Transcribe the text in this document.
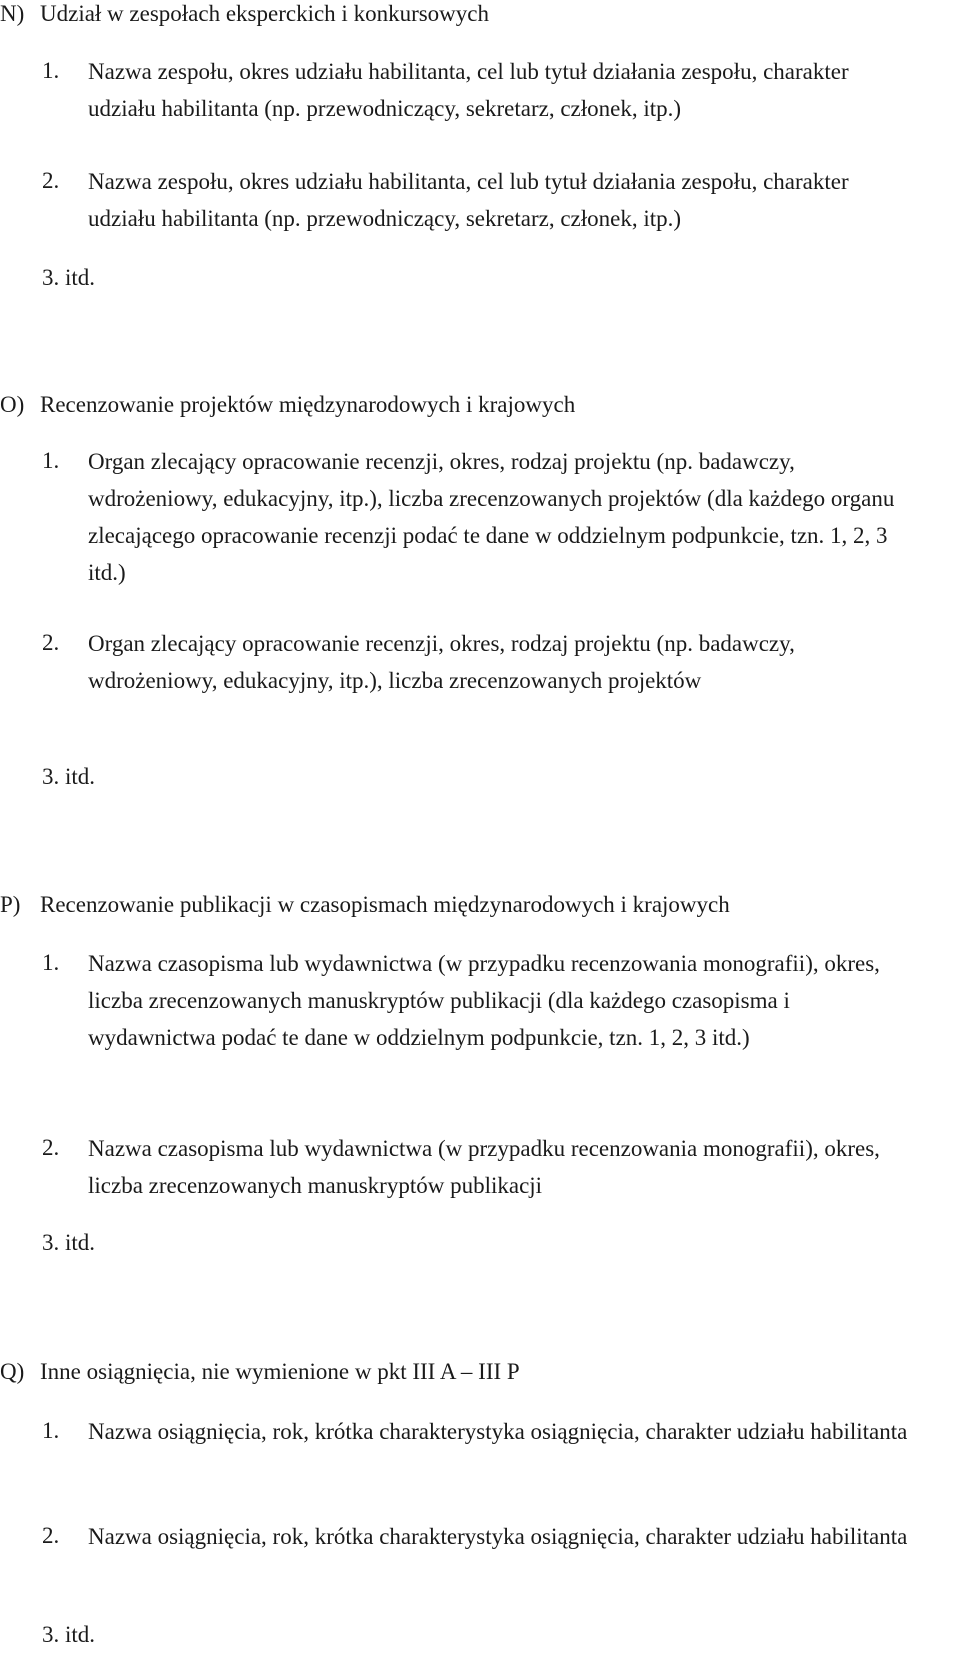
N) Udział w zespołach eksperckich i konkursowych

1. Nazwa zespołu, okres udziału habilitanta, cel lub tytuł działania zespołu, charakter udziału habilitanta (np. przewodniczący, sekretarz, członek, itp.)
2. Nazwa zespołu, okres udziału habilitanta, cel lub tytuł działania zespołu, charakter udziału habilitanta (np. przewodniczący, sekretarz, członek, itp.)

3. itd.

O) Recenzowanie projektów międzynarodowych i krajowych

1. Organ zlecający opracowanie recenzji, okres, rodzaj projektu (np. badawczy, wdrożeniowy, edukacyjny, itp.), liczba zrecenzowanych projektów (dla każdego organu zlecającego opracowanie recenzji podać te dane w oddzielnym podpunkcie, tzn. 1, 2, 3 itd.)
2. Organ zlecający opracowanie recenzji, okres, rodzaj projektu (np. badawczy, wdrożeniowy, edukacyjny, itp.), liczba zrecenzowanych projektów

3. itd.

P) Recenzowanie publikacji w czasopismach międzynarodowych i krajowych

1. Nazwa czasopisma lub wydawnictwa (w przypadku recenzowania monografii), okres, liczba zrecenzowanych manuskryptów publikacji (dla każdego czasopisma i wydawnictwa podać te dane w oddzielnym podpunkcie, tzn. 1, 2, 3 itd.)
2. Nazwa czasopisma lub wydawnictwa (w przypadku recenzowania monografii), okres, liczba zrecenzowanych manuskryptów publikacji

3. itd.

Q) Inne osiągnięcia, nie wymienione w pkt III A – III P

1. Nazwa osiągnięcia, rok, krótka charakterystyka osiągnięcia, charakter udziału habilitanta
2. Nazwa osiągnięcia, rok, krótka charakterystyka osiągnięcia, charakter udziału habilitanta

3. itd.
